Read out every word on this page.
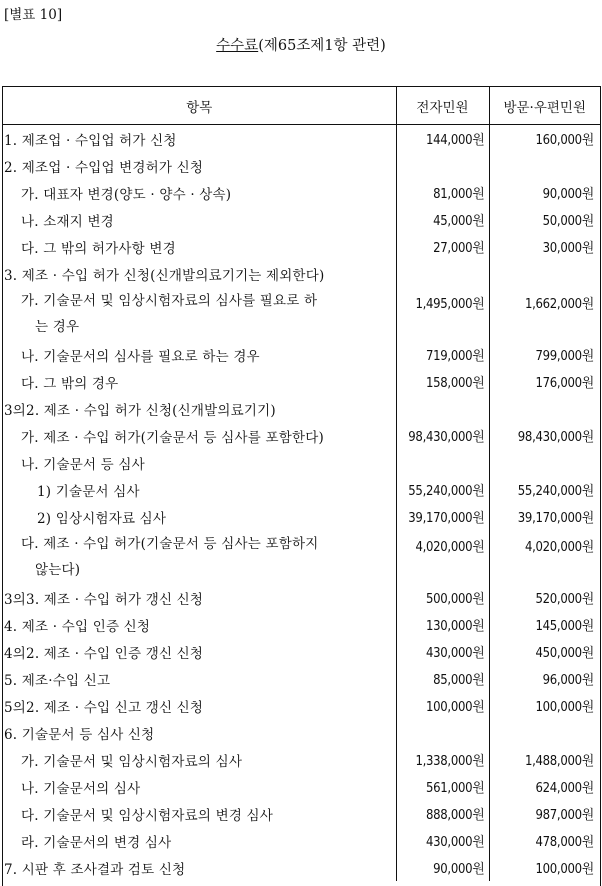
[별표 10]
수수료(제65조제1항 관련)
항목	전자민원	방문·우편민원
1. 제조업 · 수입업 허가 신청	144,000원	160,000원
2. 제조업 · 수입업 변경허가 신청		
가. 대표자 변경(양도 · 양수 · 상속)	81,000원	90,000원
나. 소재지 변경	45,000원	50,000원
다. 그 밖의 허가사항 변경	27,000원	30,000원
3. 제조 · 수입 허가 신청(신개발의료기기는 제외한다)		
가. 기술문서 및 임상시험자료의 심사를 필요로 하

는 경우	1,495,000원	1,662,000원
나. 기술문서의 심사를 필요로 하는 경우	719,000원	799,000원
다. 그 밖의 경우	158,000원	176,000원
3의2. 제조 · 수입 허가 신청(신개발의료기기)		
가. 제조 · 수입 허가(기술문서 등 심사를 포함한다)	98,430,000원	98,430,000원
나. 기술문서 등 심사		
1) 기술문서 심사	55,240,000원	55,240,000원
2) 임상시험자료 심사	39,170,000원	39,170,000원
다. 제조 · 수입 허가(기술문서 등 심사는 포함하지

않는다)	4,020,000원	4,020,000원
3의3. 제조 · 수입 허가 갱신 신청	500,000원	520,000원
4. 제조 · 수입 인증 신청	130,000원	145,000원
4의2. 제조 · 수입 인증 갱신 신청	430,000원	450,000원
5. 제조·수입 신고	85,000원	96,000원
5의2. 제조 · 수입 신고 갱신 신청	100,000원	100,000원
6. 기술문서 등 심사 신청		
가. 기술문서 및 임상시험자료의 심사	1,338,000원	1,488,000원
나. 기술문서의 심사	561,000원	624,000원
다. 기술문서 및 임상시험자료의 변경 심사	888,000원	987,000원
라. 기술문서의 변경 심사	430,000원	478,000원
7. 시판 후 조사결과 검토 신청	90,000원	100,000원
